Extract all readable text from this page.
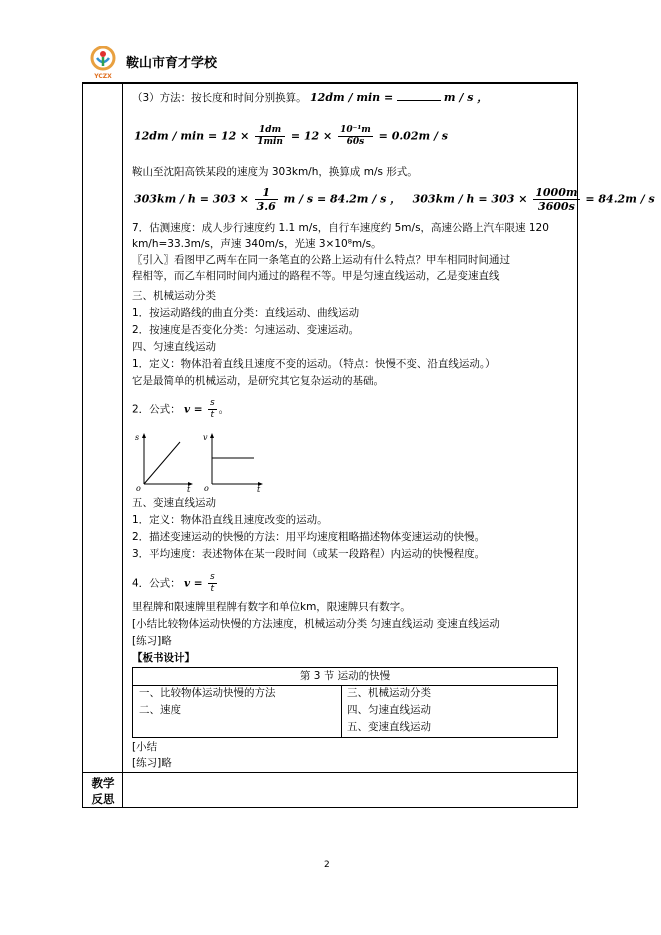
YCZX
鞍山市育才学校
教学反思
（3）方法：按长度和时间分别换算。 12dm / min =	m / s ，
$12dm / \min = 12 \times \frac{1dm}{1\min} = 12 \times \frac{\text{10⁻¹m}}{60s} = 0.02m / s$
鞍山至沈阳高铁某段的速度为 303km/h，换算成 m/s 形式。
$303km / h = 303 \times \frac{1}{3.6}$ m / s = 84.2m / s ， $303km / h = 303 \times \frac{1000m}{3600s} = 84.2m / s$
7．估测速度：成人步行速度约 1.1 m/s，自行车速度约 5m/s，高速公路上汽车限速 120
km/h=33.3m/s，声速 340m/s，光速 3×10⁸m/s。
〖引入〗看图甲乙两车在同一条笔直的公路上运动有什么特点？甲车相同时间通过
程相等，而乙车相同时间内通过的路程不等。甲是匀速直线运动，乙是变速直线
三、机械运动分类
1．按运动路线的曲直分类：直线运动、曲线运动
2．按速度是否变化分类：匀速运动、变速运动。
四、匀速直线运动
1．定义：物体沿着直线且速度不变的运动。（特点：快慢不变、沿直线运动。）
它是最简单的机械运动，是研究其它复杂运动的基础。
2．公式： $v = \frac{s}{t}$ 。
s
t
o
v
t
o
五、变速直线运动
1．定义：物体沿直线且速度改变的运动。
2．描述变速运动的快慢的方法：用平均速度粗略描述物体变速运动的快慢。
3．平均速度：表述物体在某一段时间（或某一段路程）内运动的快慢程度。
4．公式： $v = \frac{s}{t}$
里程牌和限速牌里程牌有数字和单位km，限速牌只有数字。
[小结比较物体运动快慢的方法速度，机械运动分类 匀速直线运动 变速直线运动
[练习]略
【板书设计】
第 3 节 运动的快慢
一、比较物体运动快慢的方法
二、速度
三、机械运动分类
四、匀速直线运动
五、变速直线运动
[小结
[练习]略
2
